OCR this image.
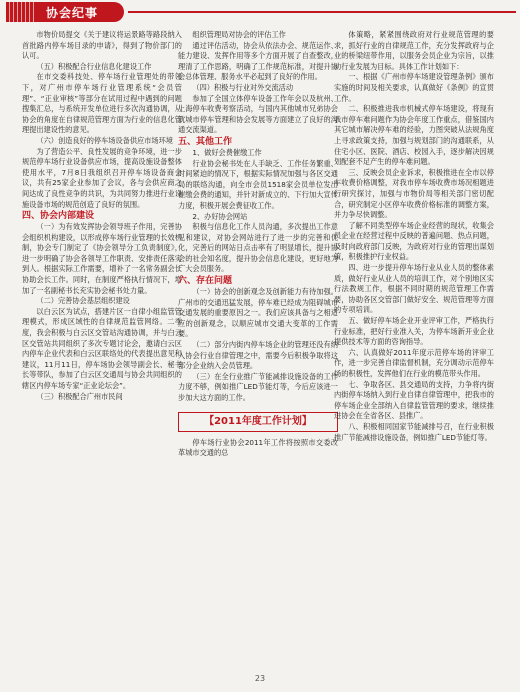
协会纪事

市物价局提交《关于建议将运景路等路段纳入首批路内停车场目录的申请》，得到了物价部门的认可。

（五）积极配合行业信息化建设工作

在市交委科技处、停车场行业管理处的带领下，对广州市停车场行业管理系统“会员管理”、“正业审核”等部分在试用过程中遇到的问题搜集汇总，与系统开发单位进行多次沟通协调，从协会的角度在自律规范管理方面为行业的信息化管理提出建设性的意见。

（六）创造良好的停车场设备供应市场环境

为了营造公平、良性发展的竞争环境，进一步规范停车场行业设备供应市场，提高设施设备整体使用水平，7月8日我组织召开停车场设备商会议，共有25家企业参加了会议，各与会供应商之间达成了良性竞争的共识，为共同努力推进行业设施设备市场的规范创造了良好的氛围。

四、协会内部建设

（一）为有效发挥协会领导班子作用，完善协会组织机构建设，以形成停车场行业管理的长效机制，协会专门制定了《协会领导分工负责制度》，进一步明确了协会各领导工作职责、安排责任落实到人。根据实际工作需要，增补了一名常务副会长协助会长工作。同时，在制度严格执行情况下，增加了一名副秘书长充实协会秘书处力量。

（二）完善协会基层组织建设

以白云区为试点，搭建片区一自律小组监管管理模式，形成区域性的自律规范监管网络。二季度，我会积极与白云区交管站沟通协调，并与白云区交管站共同组织了多次专题讨论会，邀请白云区内停车企业代表和白云区联络处的代表提出意见和建议，11月11日，停车场协会领导副会长、秘书长等带队，参加了白云区交通局与协会共同组织的辖区内停车场专家“正业论坛会”。

（三）积极配合广州市民间

组织管理局对协会的评估工作

通过评估活动，协会从依法办会、规范运作、能力建设、发挥作用等多个方面开展了自查整改，理清了工作思路，明确了工作规范标准，对提升协会总体管理、服务水平必起到了良好的作用。

（四）积极与行业对外交流活动

参加了全国立体停车设备工作年会以及杭州、上海停车收费考察活动，与国内其他城市兄弟协会就城市停车管理和协会发展等方面建立了良好的沟通交流渠道。

五、其他工作

1、做好会费催缴工作

行业协会秘书处在人手缺乏、工作任务繁重、时间紧迫的情况下，根据实际情况加强与各区交通局的联络沟通，向全市会员1518家会员单位发出催缴会费的通知，并针对新成立的、下行加大宣传力度，积极开展会费征收工作。

2、办好协会网站

积极与信息化工作人员沟通，多次提出工作意见和建议，对协会网站进行了进一步的完善和优化，完善后的网站日点击率有了明显增长，提升协会的社会知名度，提升协会信息化建设，更好地为广大会员服务。

六、存在问题

（一）协会的创新观念及创新能力有待加强。广州市的交通迅猛发展，停车难已经成为阻碍城市交通发展的重要原因之一。我们应该具备与之相适应的创新观念，以顺应城市交通大变革的工作需要。

（二）部分内街内停车场企业的管理还没有纳入协会行业自律管理之中，需要今后积极争取将这部分企业纳入会员管理。

（三）在全行业推广节能减排设施设备的工作力度不够，例如推广LED节能灯等，今后应该进一步加大这方面的工作。

【2011年度工作计划】

停车场行业协会2011年工作将按照市交委改革城市交通的总

体策略，紧紧围绕政府对行业规范管理的要求，抓好行业的自律规范工作，充分发挥政府与企业的桥梁纽带作用，以服务会员企业为宗旨，以推动行业发展为目标。具体工作计划如下：

一、根据《广州市停车场建设管理条例》颁布实施的时间及相关要求，认真做好《条例》的宣贯工作。

二、积极推进我市机械式停车场建设，将现有我市停车难问题作为协会年度工作重点，借鉴国内其它城市解决停车难的经验，力图突破从法规角度上寻求政策支持，加强与规划部门的沟通联系，从住宅小区、医院、酒店、校园入手，逐步解决因规划配套不足产生的停车难问题。

三、反映会员企业诉求，积极推进在全市以停车收费价格调整，对我市停车场收费市场况相题进行研究探讨，加强与市物价局等相关部门密切配合，研究制定小区停车收费价格标准的调整方案，并力争尽快调整。

了解不同类型停车场企业经营的现状，收集会员企业在经营过程中反映的普遍问题、热点问题，及时向政府部门反映，为政府对行业的管理出谋划策，积极推护行业权益。

四、进一步提升停车场行业从业人员的整体素质，做好行业从业人员的培训工作，对个别地区实行法教规工作，根据不同时期的规范管理工作需要，协助各区交管部门做好安全、规范管理等方面的专项培训。

五、做好停车场企业开业评审工作，严格执行行业标准，把好行业准入关，为停车场新开业企业提供技术等方面的咨询指导。

六、认真做好2011年度示范停车场的评审工作，进一步完善自律监督机制，充分调动示范停车场的积极性，发挥他们在行业的模范带头作用。

七、争取各区、县交通局的支持，力争将内街内街停车场纳入到行业自律自律管理中，把我市的停车场企业全部纳入自律监管管理的要求，继续推进协会在全省各区、县推广。

八、积极相同国家节能减排号召，在行业积极推广节能减排设施设备，例如推广LED节能灯等。

23
